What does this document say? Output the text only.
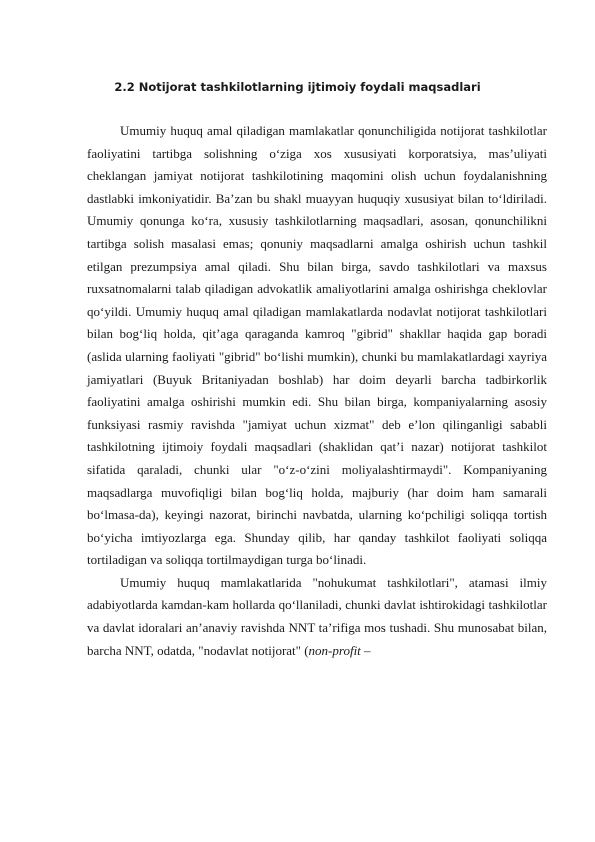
2.2 Notijorat tashkilotlarning ijtimoiy foydali maqsadlari

Umumiy huquq amal qiladigan mamlakatlar qonunchiligida notijorat tashkilotlar faoliyatini tartibga solishning o‘ziga xos xususiyati korporatsiya, mas’uliyati cheklangan jamiyat notijorat tashkilotining maqomini olish uchun foydalanishning dastlabki imkoniyatidir. Ba’zan bu shakl muayyan huquqiy xususiyat bilan to‘ldiriladi. Umumiy qonunga ko‘ra, xususiy tashkilotlarning maqsadlari, asosan, qonunchilikni tartibga solish masalasi emas; qonuniy maqsadlarni amalga oshirish uchun tashkil etilgan prezumpsiya amal qiladi. Shu bilan birga, savdo tashkilotlari va maxsus ruxsatnomalarni talab qiladigan advokatlik amaliyotlarini amalga oshirishga cheklovlar qo‘yildi. Umumiy huquq amal qiladigan mamlakatlarda nodavlat notijorat tashkilotlari bilan bog‘liq holda, qit’aga qaraganda kamroq "gibrid" shakllar haqida gap boradi (aslida ularning faoliyati "gibrid" bo‘lishi mumkin), chunki bu mamlakatlardagi xayriya jamiyatlari (Buyuk Britaniyadan boshlab) har doim deyarli barcha tadbirkorlik faoliyatini amalga oshirishi mumkin edi. Shu bilan birga, kompaniyalarning asosiy funksiyasi rasmiy ravishda "jamiyat uchun xizmat" deb e’lon qilinganligi sababli tashkilotning ijtimoiy foydali maqsadlari (shaklidan qat’i nazar) notijorat tashkilot sifatida qaraladi, chunki ular "o‘z-o‘zini moliyalashtirmaydi". Kompaniyaning maqsadlarga muvofiqligi bilan bog‘liq holda, majburiy (har doim ham samarali bo‘lmasa-da), keyingi nazorat, birinchi navbatda, ularning ko‘pchiligi soliqqa tortish bo‘yicha imtiyozlarga ega. Shunday qilib, har qanday tashkilot faoliyati soliqqa tortiladigan va soliqqa tortilmaydigan turga bo‘linadi.

Umumiy huquq mamlakatlarida "nohukumat tashkilotlari", atamasi ilmiy adabiyotlarda kamdan-kam hollarda qo‘llaniladi, chunki davlat ishtirokidagi tashkilotlar va davlat idoralari an’anaviy ravishda NNT ta’rifiga mos tushadi. Shu munosabat bilan, barcha NNT, odatda, "nodavlat notijorat" (non-profit –
